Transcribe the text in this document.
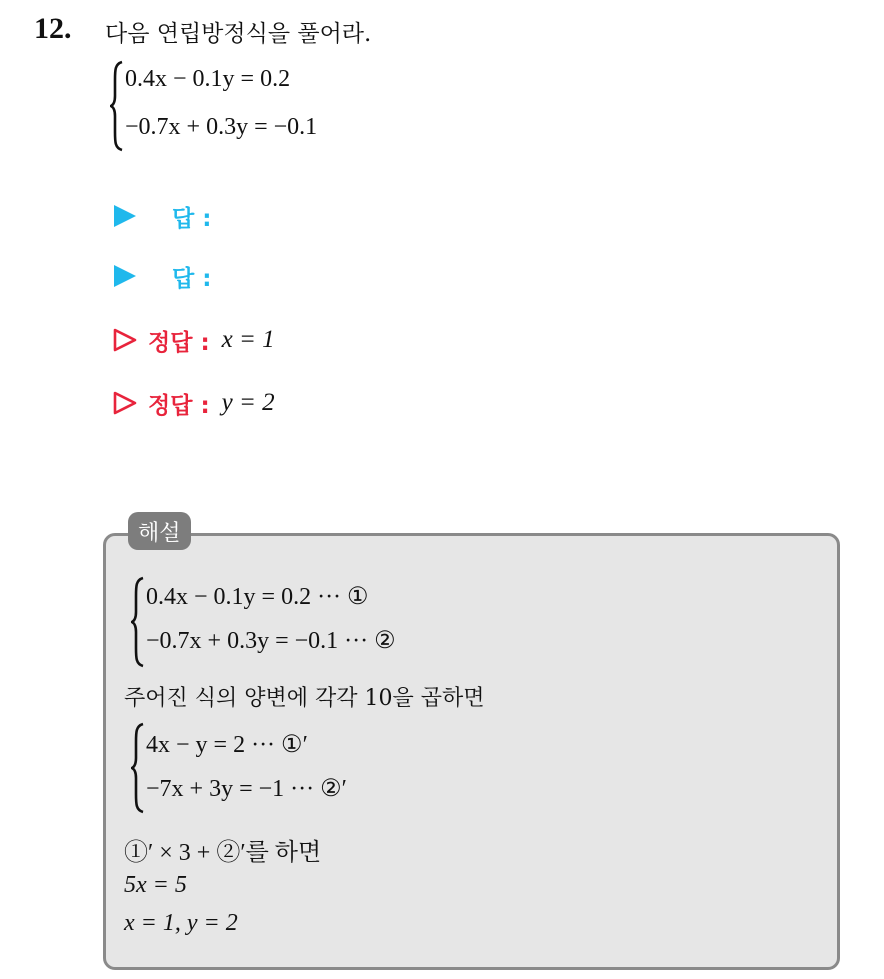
12. 다음 연립방정식을 풀어라.
0.4x − 0.1y = 0.2
−0.7x + 0.3y = −0.1
답 :
답 :
정답 : x = 1
정답 : y = 2
해설
0.4x − 0.1y = 0.2 ··· ①
−0.7x + 0.3y = −0.1 ··· ②
주어진 식의 양변에 각각 10을 곱하면
4x − y = 2 ··· ①′
−7x + 3y = −1 ··· ②′
①′ × 3 + ②′를 하면
5x = 5
x = 1, y = 2
